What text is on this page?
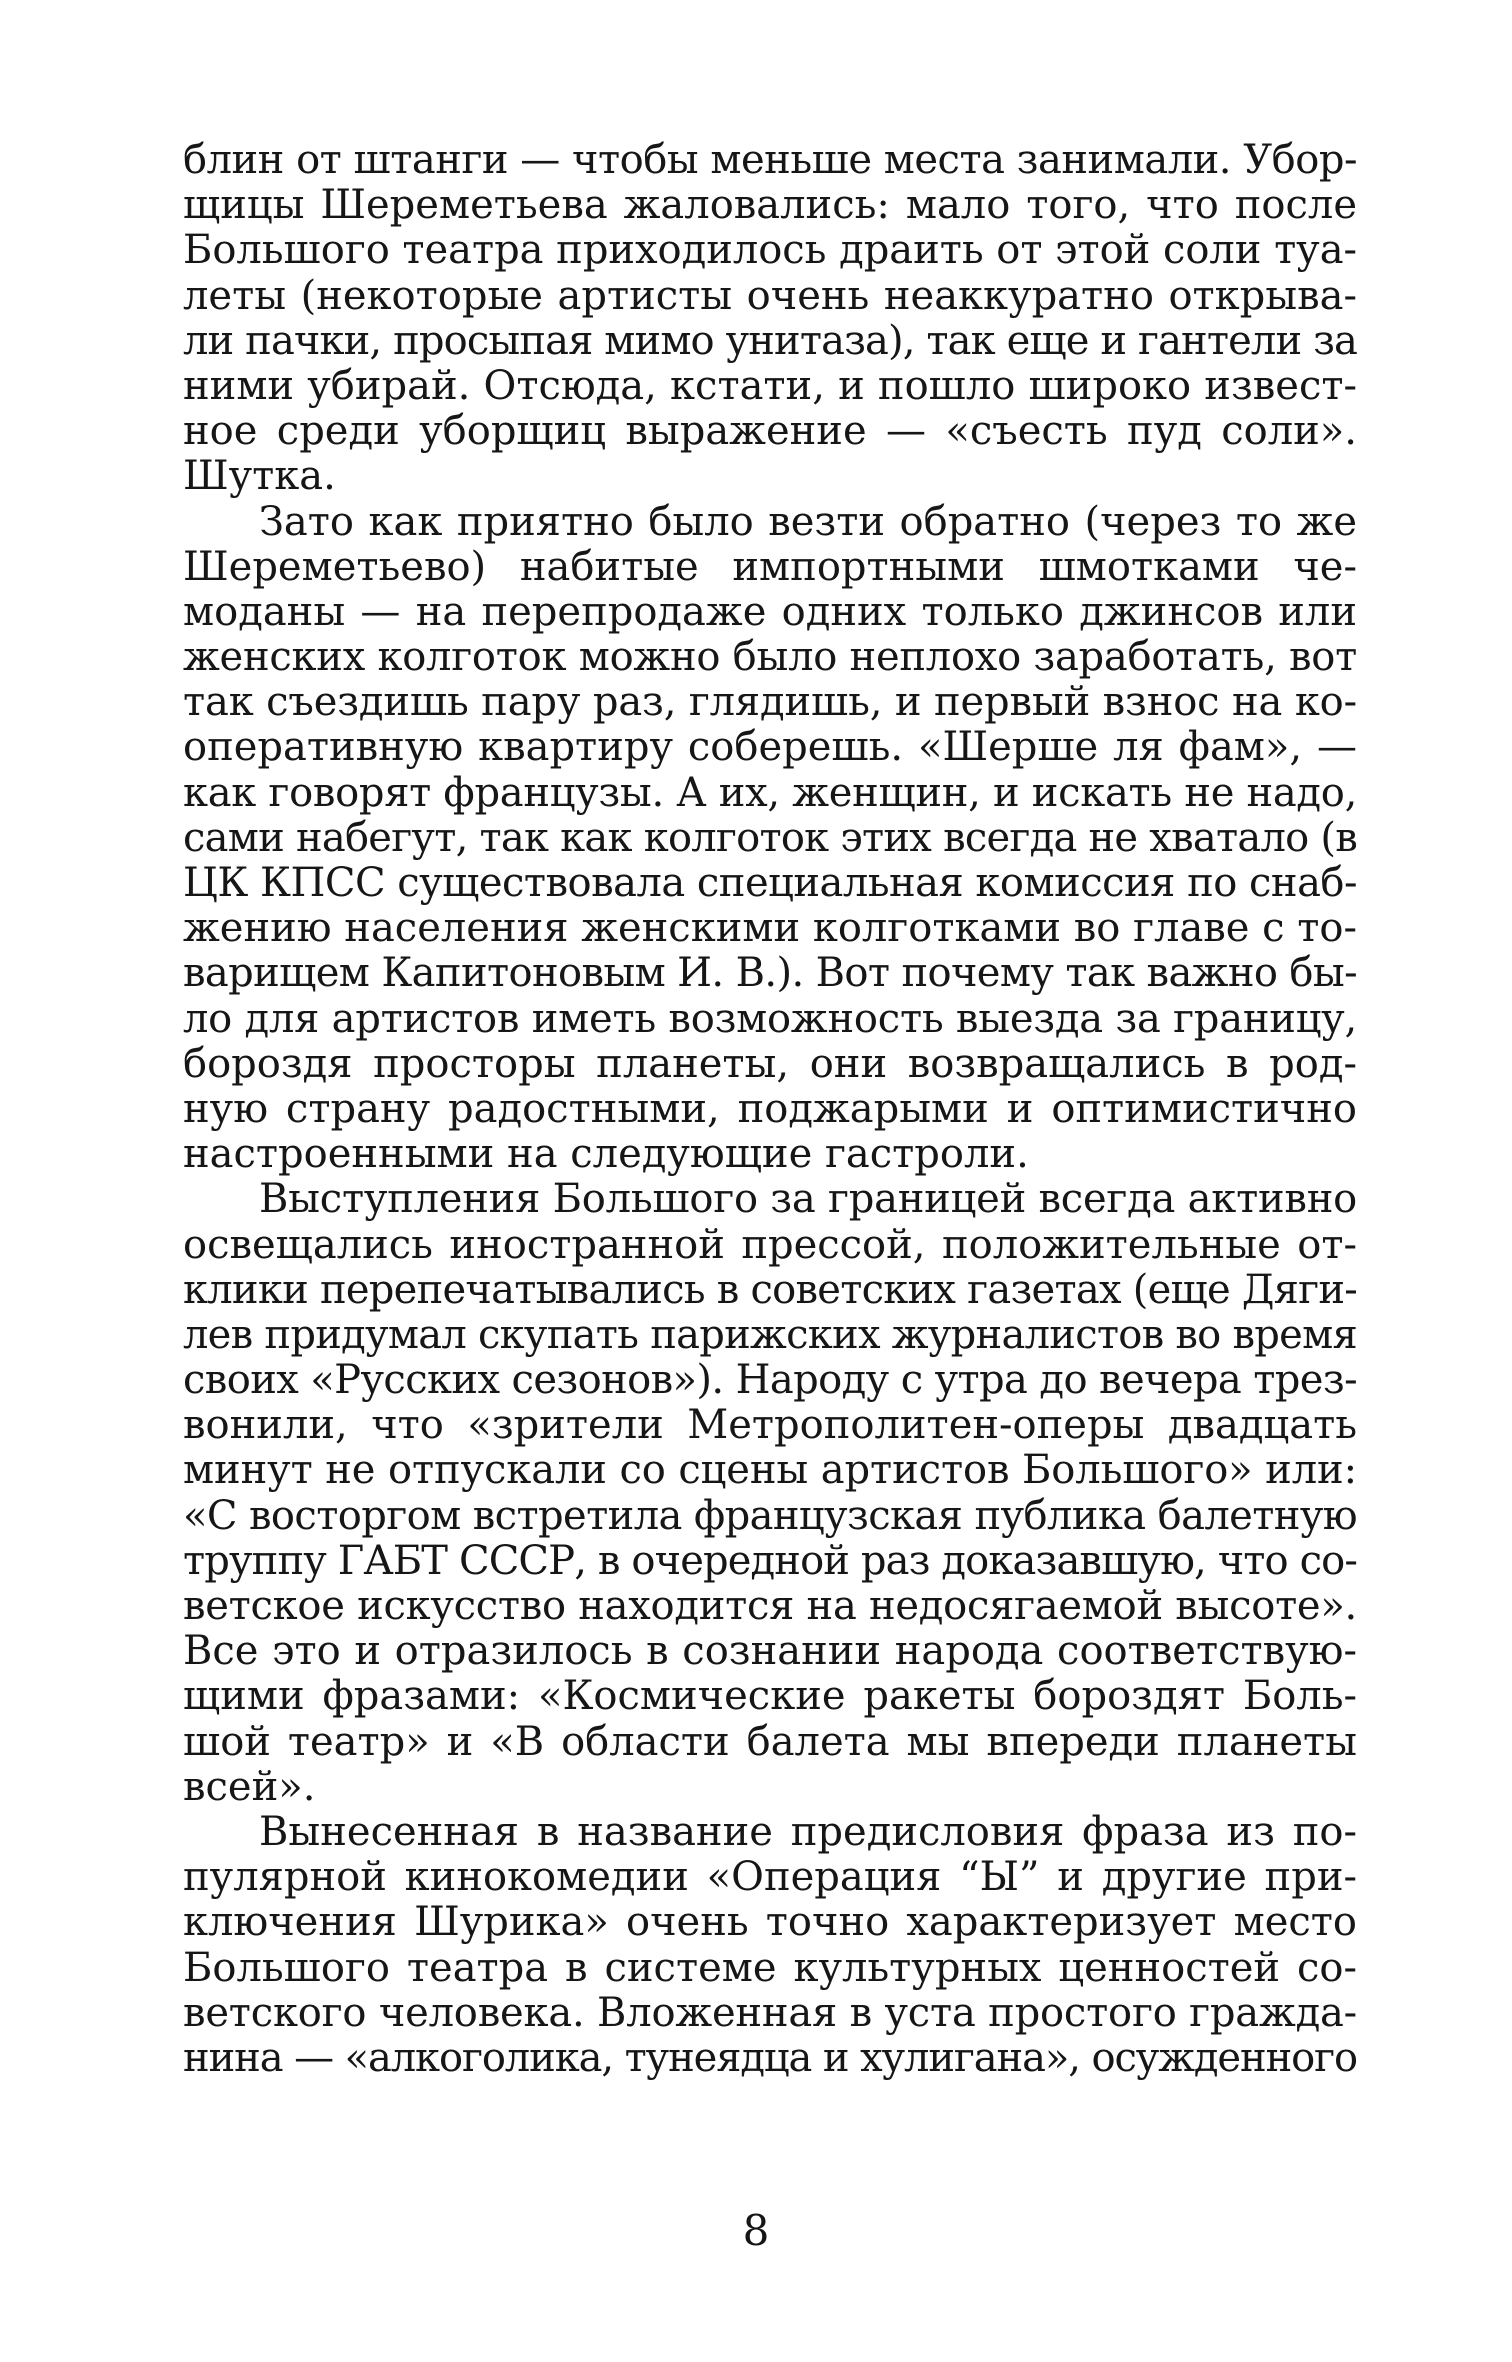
блин от штанги — чтобы меньше места занимали. Убор-
щицы Шереметьева жаловались: мало того, что после
Большого театра приходилось драить от этой соли туа-
леты (некоторые артисты очень неаккуратно открыва-
ли пачки, просыпая мимо унитаза), так еще и гантели за
ними убирай. Отсюда, кстати, и пошло широко извест-
ное среди уборщиц выражение — «съесть пуд соли».
Шутка.
Зато как приятно было везти обратно (через то же
Шереметьево) набитые импортными шмотками че-
моданы — на перепродаже одних только джинсов или
женских колготок можно было неплохо заработать, вот
так съездишь пару раз, глядишь, и первый взнос на ко-
оперативную квартиру соберешь. «Шерше ля фам», —
как говорят французы. А их, женщин, и искать не надо,
сами набегут, так как колготок этих всегда не хватало (в
ЦК КПСС существовала специальная комиссия по снаб-
жению населения женскими колготками во главе с то-
варищем Капитоновым И. В.). Вот почему так важно бы-
ло для артистов иметь возможность выезда за границу,
бороздя просторы планеты, они возвращались в род-
ную страну радостными, поджарыми и оптимистично
настроенными на следующие гастроли.
Выступления Большого за границей всегда активно
освещались иностранной прессой, положительные от-
клики перепечатывались в советских газетах (еще Дяги-
лев придумал скупать парижских журналистов во время
своих «Русских сезонов»). Народу с утра до вечера трез-
вонили, что «зрители Метрополитен-оперы двадцать
минут не отпускали со сцены артистов Большого» или:
«С восторгом встретила французская публика балетную
труппу ГАБТ СССР, в очередной раз доказавшую, что со-
ветское искусство находится на недосягаемой высоте».
Все это и отразилось в сознании народа соответствую-
щими фразами: «Космические ракеты бороздят Боль-
шой театр» и «В области балета мы впереди планеты
всей».
Вынесенная в название предисловия фраза из по-
пулярной кинокомедии «Операция “Ы” и другие при-
ключения Шурика» очень точно характеризует место
Большого театра в системе культурных ценностей со-
ветского человека. Вложенная в уста простого гражда-
нина — «алкоголика, тунеядца и хулигана», осужденного
8
